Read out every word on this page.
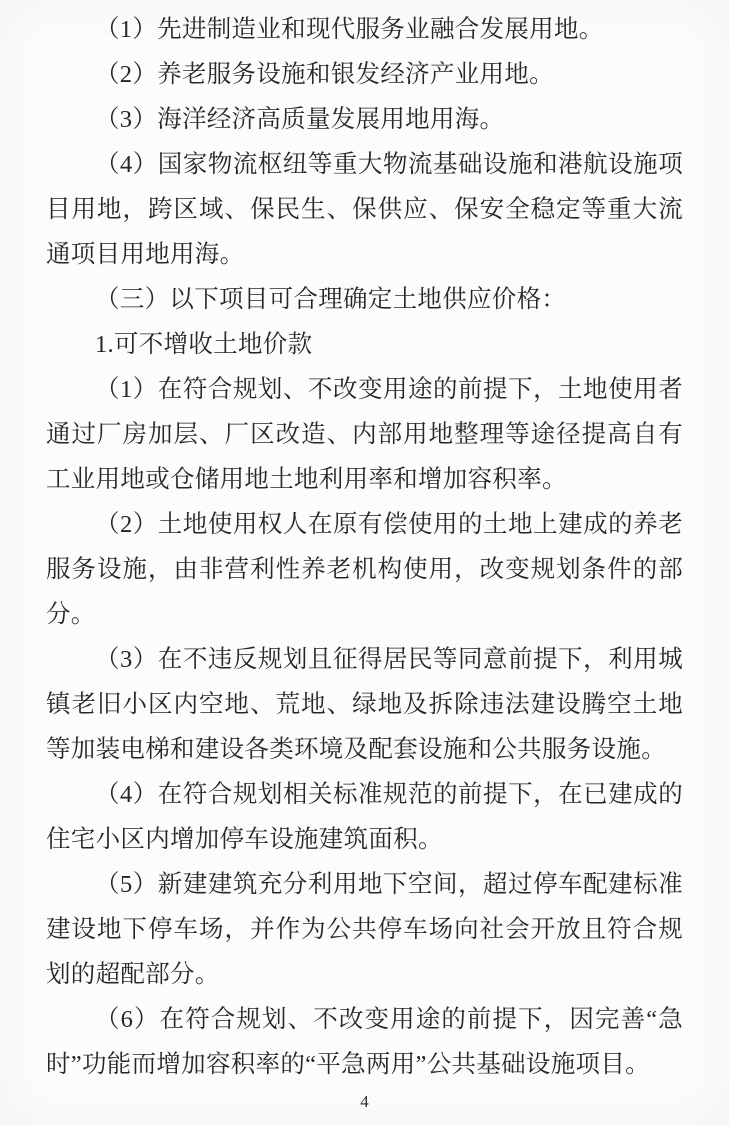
（1）先进制造业和现代服务业融合发展用地。

（2）养老服务设施和银发经济产业用地。

（3）海洋经济高质量发展用地用海。

（4）国家物流枢纽等重大物流基础设施和港航设施项目用地，跨区域、保民生、保供应、保安全稳定等重大流通项目用地用海。

（三）以下项目可合理确定土地供应价格：

1.可不增收土地价款

（1）在符合规划、不改变用途的前提下，土地使用者通过厂房加层、厂区改造、内部用地整理等途径提高自有工业用地或仓储用地土地利用率和增加容积率。

（2）土地使用权人在原有偿使用的土地上建成的养老服务设施，由非营利性养老机构使用，改变规划条件的部分。

（3）在不违反规划且征得居民等同意前提下，利用城镇老旧小区内空地、荒地、绿地及拆除违法建设腾空土地等加装电梯和建设各类环境及配套设施和公共服务设施。

（4）在符合规划相关标准规范的前提下，在已建成的住宅小区内增加停车设施建筑面积。

（5）新建建筑充分利用地下空间，超过停车配建标准建设地下停车场，并作为公共停车场向社会开放且符合规划的超配部分。

（6）在符合规划、不改变用途的前提下，因完善“急时”功能而增加容积率的“平急两用”公共基础设施项目。

4
